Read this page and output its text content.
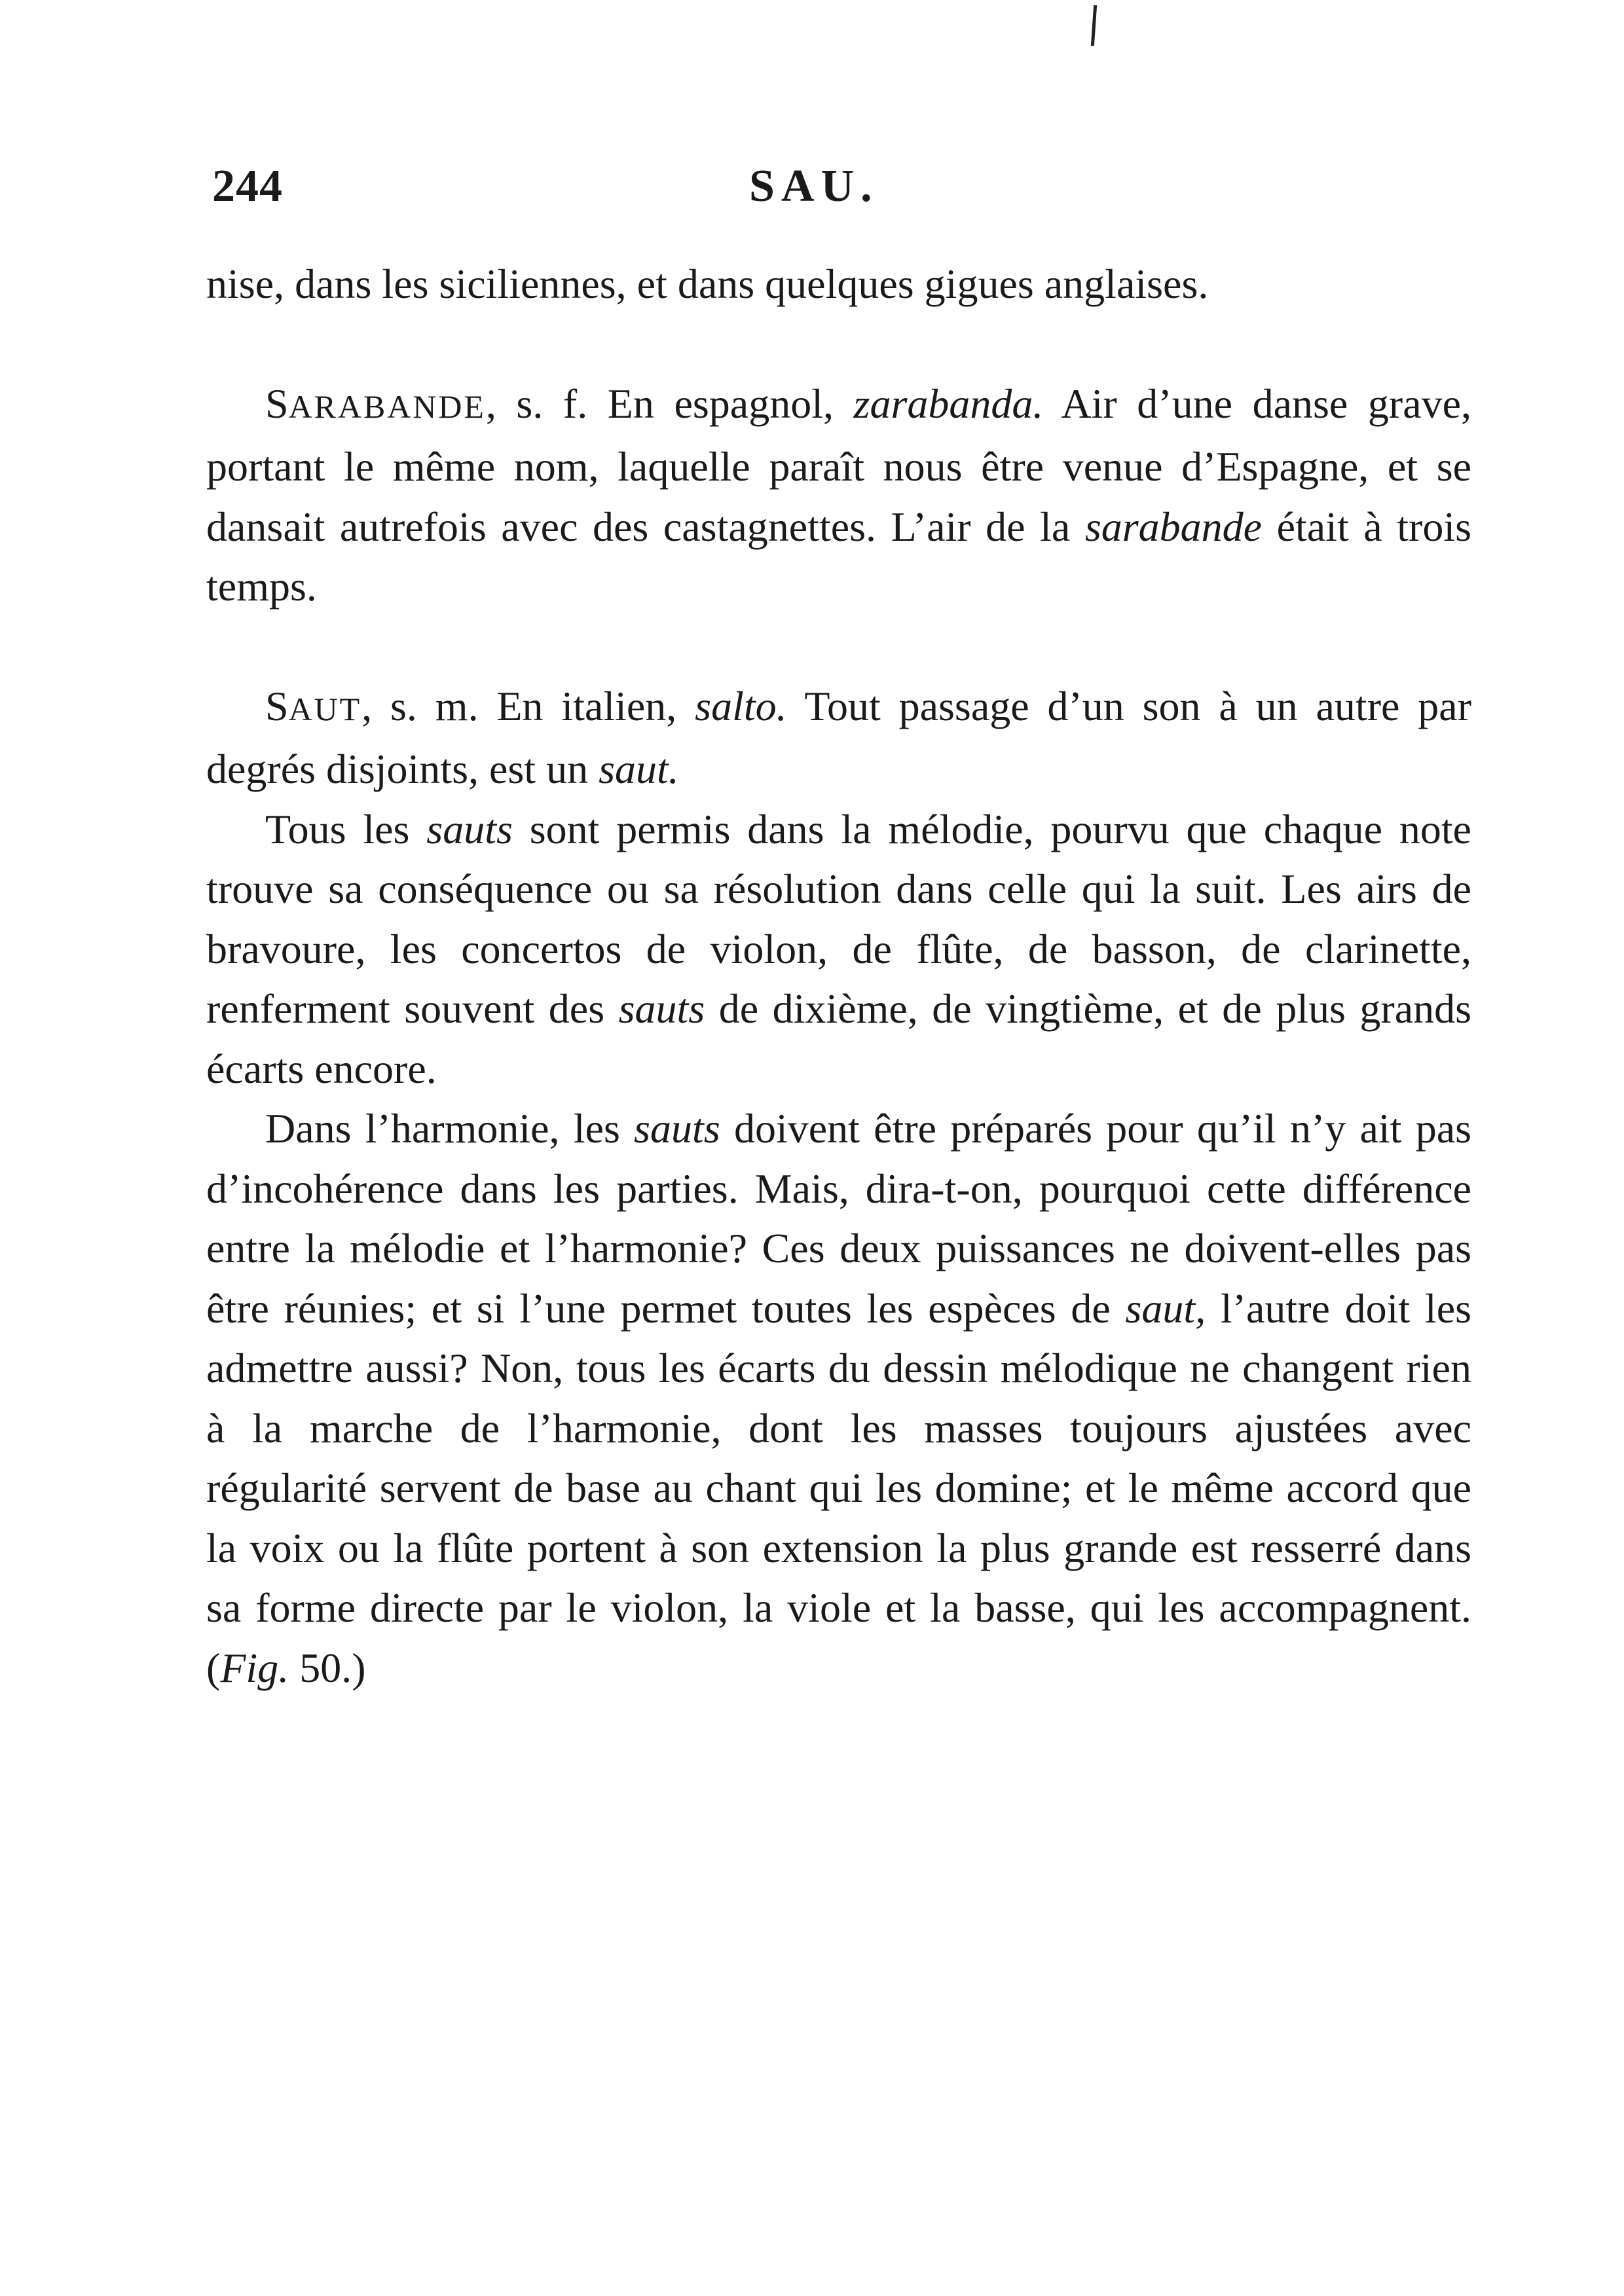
244	SAU.

nise, dans les siciliennes, et dans quelques gigues anglaises.

SARABANDE, s. f. En espagnol, zarabanda. Air d’une danse grave, portant le même nom, laquelle paraît nous être venue d’Espagne, et se dansait autrefois avec des castagnettes. L’air de la sarabande était à trois temps.

SAUT, s. m. En italien, salto. Tout passage d’un son à un autre par degrés disjoints, est un saut.

Tous les sauts sont permis dans la mélodie, pourvu que chaque note trouve sa conséquence ou sa résolution dans celle qui la suit. Les airs de bravoure, les concertos de violon, de flûte, de basson, de clarinette, renferment souvent des sauts de dixième, de vingtième, et de plus grands écarts encore.

Dans l’harmonie, les sauts doivent être préparés pour qu’il n’y ait pas d’incohérence dans les parties. Mais, dira-t-on, pourquoi cette différence entre la mélodie et l’harmonie? Ces deux puissances ne doivent-elles pas être réunies; et si l’une permet toutes les espèces de saut, l’autre doit les admettre aussi? Non, tous les écarts du dessin mélodique ne changent rien à la marche de l’harmonie, dont les masses toujours ajustées avec régularité servent de base au chant qui les domine; et le même accord que la voix ou la flûte portent à son extension la plus grande est resserré dans sa forme directe par le violon, la viole et la basse, qui les accompagnent. (Fig. 50.)
